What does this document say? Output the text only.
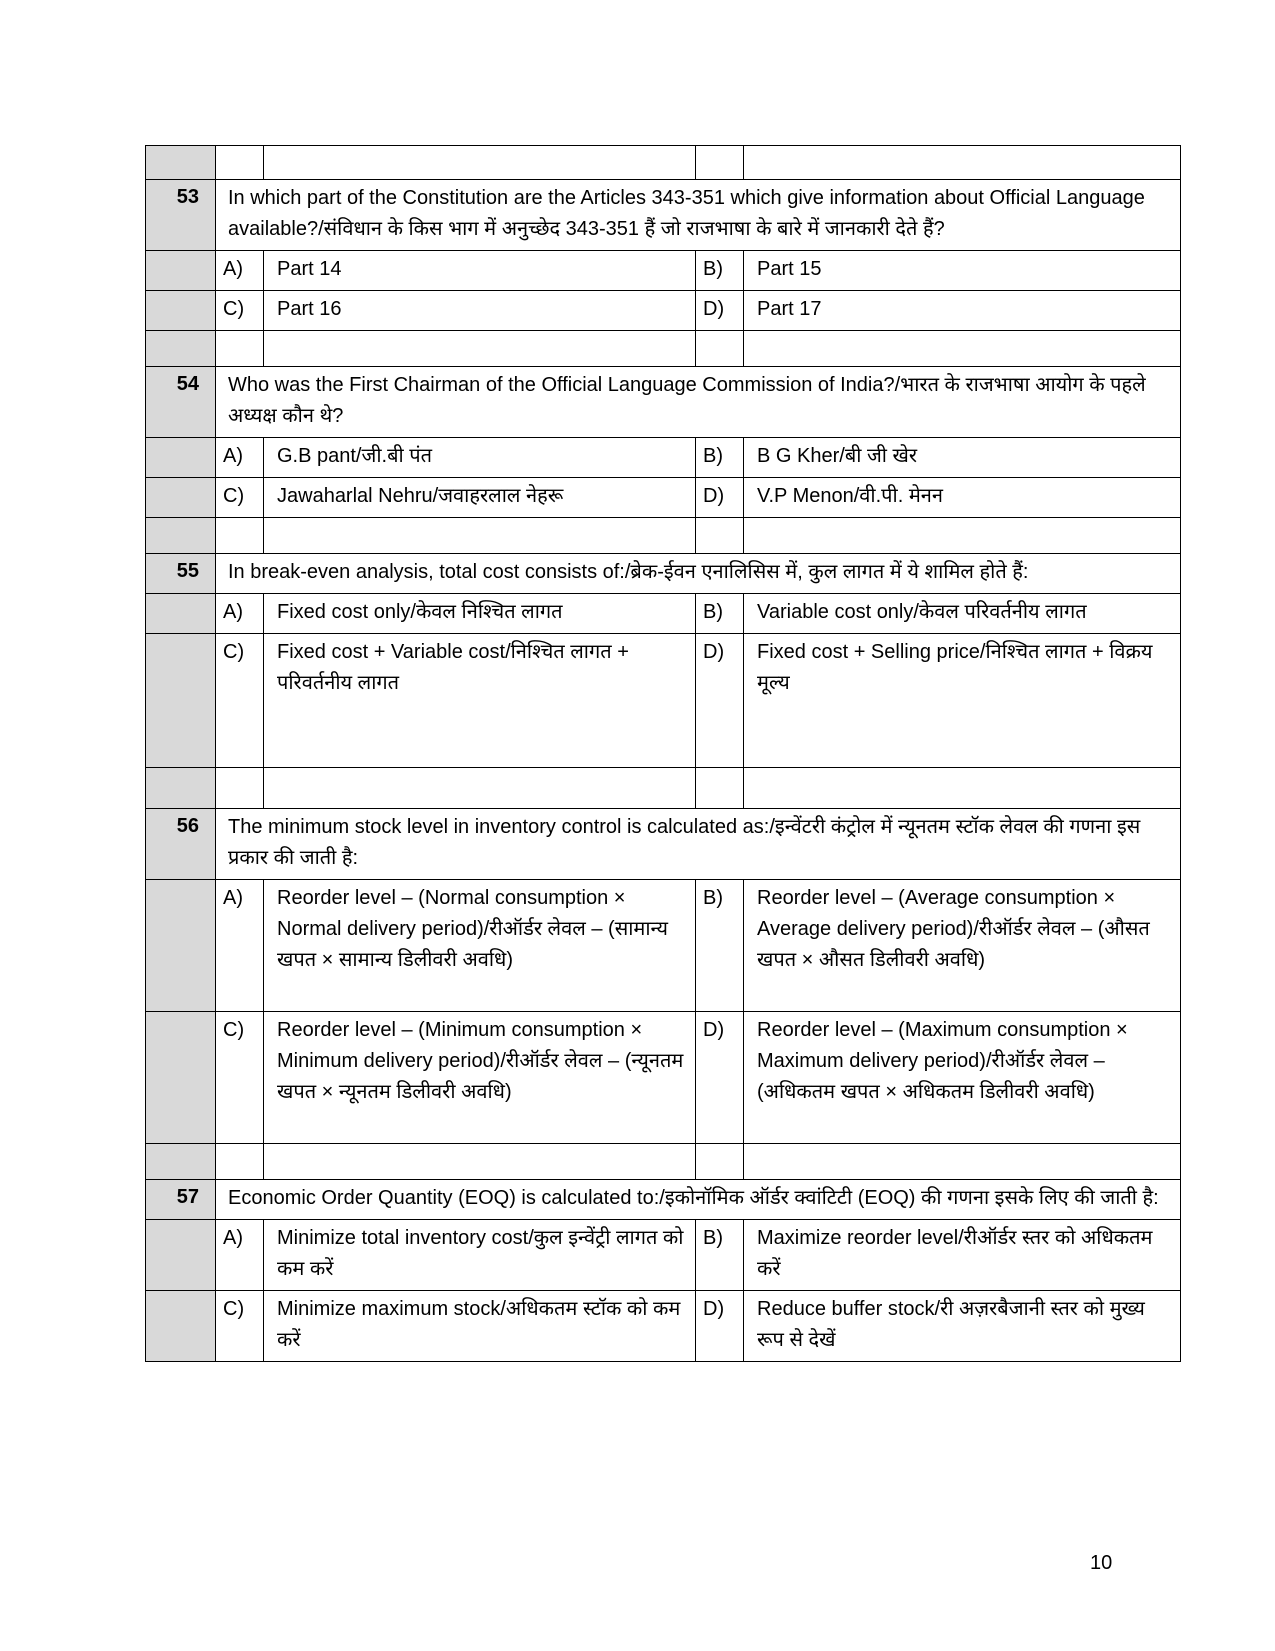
53	In which part of the Constitution are the Articles 343-351 which give information about Official Language available?/संविधान के किस भाग में अनुच्छेद 343-351 हैं जो राजभाषा के बारे में जानकारी देते हैं?			
	A)	Part 14	B)	Part 15
	C)	Part 16	D)	Part 17

54	Who was the First Chairman of the Official Language Commission of India?/भारत के राजभाषा आयोग के पहले अध्यक्ष कौन थे?			
	A)	G.B pant/जी.बी पंत	B)	B G Kher/बी जी खेर
	C)	Jawaharlal Nehru/जवाहरलाल नेहरू	D)	V.P Menon/वी.पी. मेनन

55	In break-even analysis, total cost consists of:/ब्रेक-ईवन एनालिसिस में, कुल लागत में ये शामिल होते हैं:			
	A)	Fixed cost only/केवल निश्चित लागत	B)	Variable cost only/केवल परिवर्तनीय लागत
	C)	Fixed cost + Variable cost/निश्चित लागत + परिवर्तनीय लागत	D)	Fixed cost + Selling price/निश्चित लागत + विक्रय मूल्य

56	The minimum stock level in inventory control is calculated as:/इन्वेंटरी कंट्रोल में न्यूनतम स्टॉक लेवल की गणना इस प्रकार की जाती है:			
	A)	Reorder level – (Normal consumption × Normal delivery period)/रीऑर्डर लेवल – (सामान्य खपत × सामान्य डिलीवरी अवधि)	B)	Reorder level – (Average consumption × Average delivery period)/रीऑर्डर लेवल – (औसत खपत × औसत डिलीवरी अवधि)
	C)	Reorder level – (Minimum consumption × Minimum delivery period)/रीऑर्डर लेवल – (न्यूनतम खपत × न्यूनतम डिलीवरी अवधि)	D)	Reorder level – (Maximum consumption × Maximum delivery period)/रीऑर्डर लेवल – (अधिकतम खपत × अधिकतम डिलीवरी अवधि)

57	Economic Order Quantity (EOQ) is calculated to:/इकोनॉमिक ऑर्डर क्वांटिटी (EOQ) की गणना इसके लिए की जाती है:			
	A)	Minimize total inventory cost/कुल इन्वेंट्री लागत को कम करें	B)	Maximize reorder level/रीऑर्डर स्तर को अधिकतम करें
	C)	Minimize maximum stock/अधिकतम स्टॉक को कम करें	D)	Reduce buffer stock/री अज़रबैजानी स्तर को मुख्य रूप से देखें
10
